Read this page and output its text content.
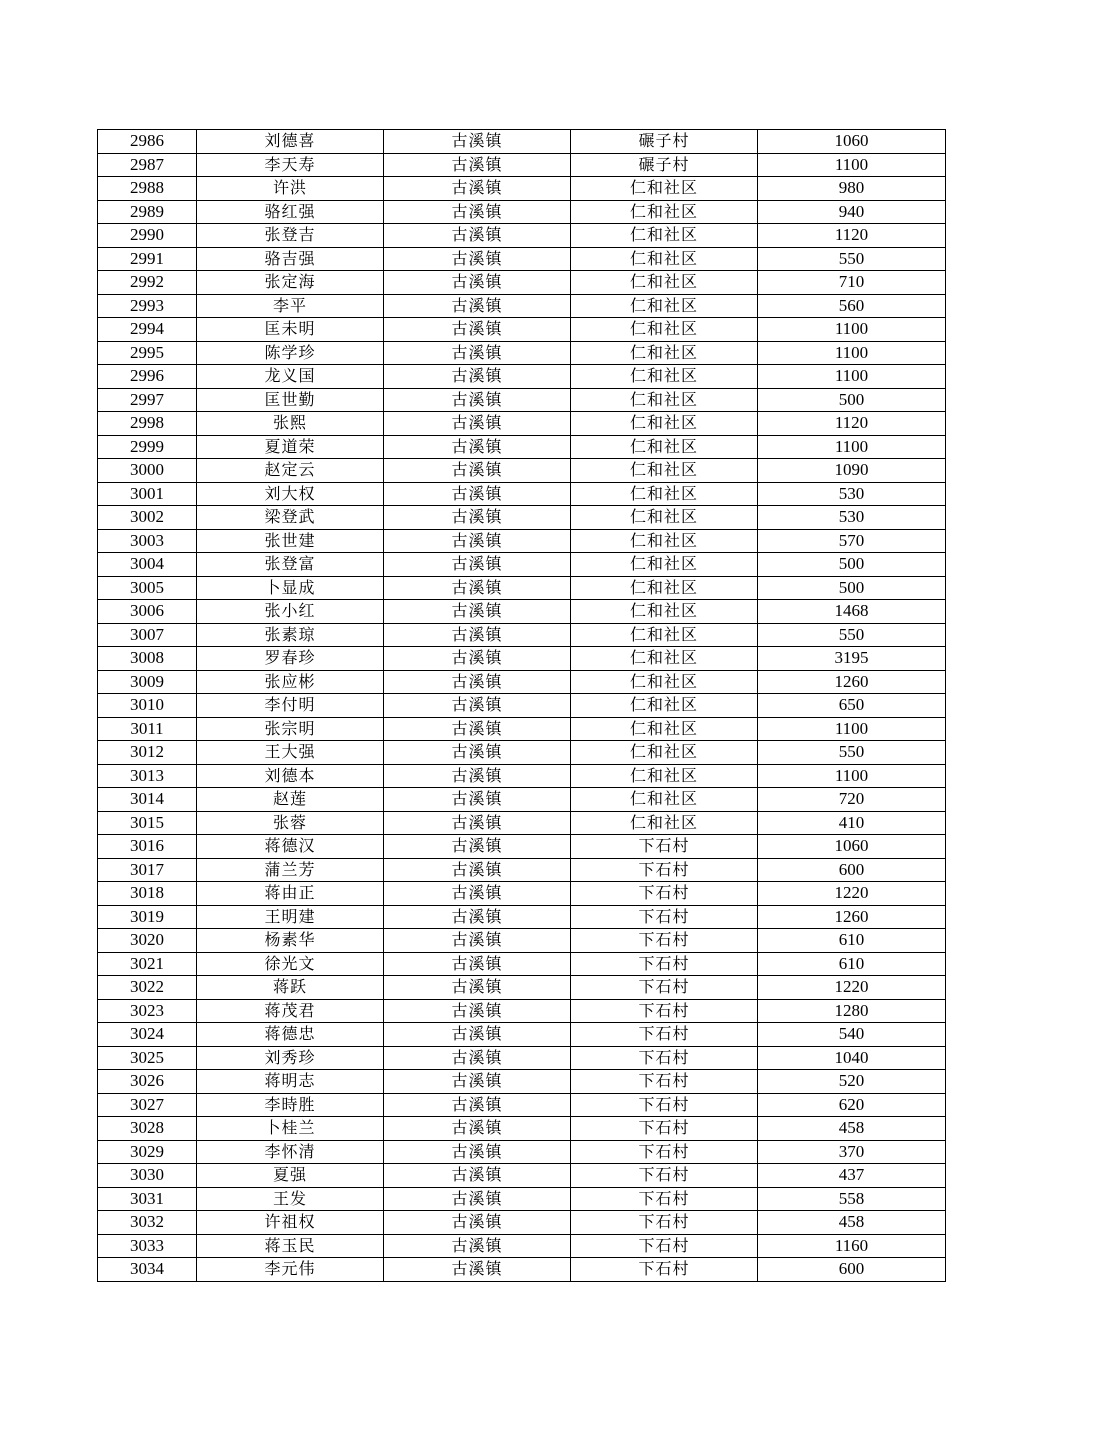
2986	刘德喜	古溪镇	碾子村	1060
2987	李天寿	古溪镇	碾子村	1100
2988	许洪	古溪镇	仁和社区	980
2989	骆红强	古溪镇	仁和社区	940
2990	张登吉	古溪镇	仁和社区	1120
2991	骆吉强	古溪镇	仁和社区	550
2992	张定海	古溪镇	仁和社区	710
2993	李平	古溪镇	仁和社区	560
2994	匡未明	古溪镇	仁和社区	1100
2995	陈学珍	古溪镇	仁和社区	1100
2996	龙义国	古溪镇	仁和社区	1100
2997	匡世勤	古溪镇	仁和社区	500
2998	张熙	古溪镇	仁和社区	1120
2999	夏道荣	古溪镇	仁和社区	1100
3000	赵定云	古溪镇	仁和社区	1090
3001	刘大权	古溪镇	仁和社区	530
3002	梁登武	古溪镇	仁和社区	530
3003	张世建	古溪镇	仁和社区	570
3004	张登富	古溪镇	仁和社区	500
3005	卜显成	古溪镇	仁和社区	500
3006	张小红	古溪镇	仁和社区	1468
3007	张素琼	古溪镇	仁和社区	550
3008	罗春珍	古溪镇	仁和社区	3195
3009	张应彬	古溪镇	仁和社区	1260
3010	李付明	古溪镇	仁和社区	650
3011	张宗明	古溪镇	仁和社区	1100
3012	王大强	古溪镇	仁和社区	550
3013	刘德本	古溪镇	仁和社区	1100
3014	赵莲	古溪镇	仁和社区	720
3015	张蓉	古溪镇	仁和社区	410
3016	蒋德汉	古溪镇	下石村	1060
3017	蒲兰芳	古溪镇	下石村	600
3018	蒋由正	古溪镇	下石村	1220
3019	王明建	古溪镇	下石村	1260
3020	杨素华	古溪镇	下石村	610
3021	徐光文	古溪镇	下石村	610
3022	蒋跃	古溪镇	下石村	1220
3023	蒋茂君	古溪镇	下石村	1280
3024	蒋德忠	古溪镇	下石村	540
3025	刘秀珍	古溪镇	下石村	1040
3026	蒋明志	古溪镇	下石村	520
3027	李時胜	古溪镇	下石村	620
3028	卜桂兰	古溪镇	下石村	458
3029	李怀清	古溪镇	下石村	370
3030	夏强	古溪镇	下石村	437
3031	王发	古溪镇	下石村	558
3032	许祖权	古溪镇	下石村	458
3033	蒋玉民	古溪镇	下石村	1160
3034	李元伟	古溪镇	下石村	600
